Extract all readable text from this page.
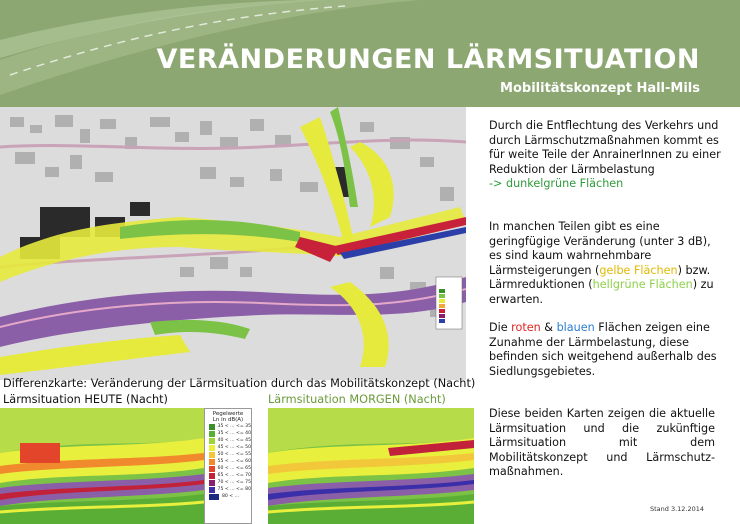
VERÄNDERUNGEN LÄRMSITUATION
Mobilitätskonzept Hall-Mils
Durch die Entflechtung des Verkehrs und durch Lärmschutzmaßnahmen kommt es für weite Teile der AnrainerInnen zu einer Reduktion der Lärmbelastung
-> dunkelgrüne Flächen
In manchen Teilen gibt es eine geringfügige Veränderung (unter 3 dB), es sind kaum wahrnehmbare Lärmsteigerungen (gelbe Flächen) bzw. Lärmreduktionen (hellgrüne Flächen) zu erwarten.
Die roten & blauen Flächen zeigen eine Zunahme der Lärmbelastung, diese befinden sich weitgehend außerhalb des Siedlungsgebietes.
Diese beiden Karten zeigen die aktuelle Lärmsituation und die zukünftige Lärmsituation mit dem Mobilitätskonzept und Lärmschutz-maßnahmen.
Differenzkarte: Veränderung der Lärmsituation durch das Mobilitätskonzept (Nacht)
Lärmsituation HEUTE (Nacht)	Lärmsituation MORGEN (Nacht)
Pegelwerte
Ln in dB(A)
35 < ... <= 35
35 < ... <= 40
40 < ... <= 45
45 < ... <= 50
50 < ... <= 55
55 < ... <= 60
60 < ... <= 65
65 < ... <= 70
70 < ... <= 75
75 < ... <= 80
80 < ...
Stand 3.12.2014
